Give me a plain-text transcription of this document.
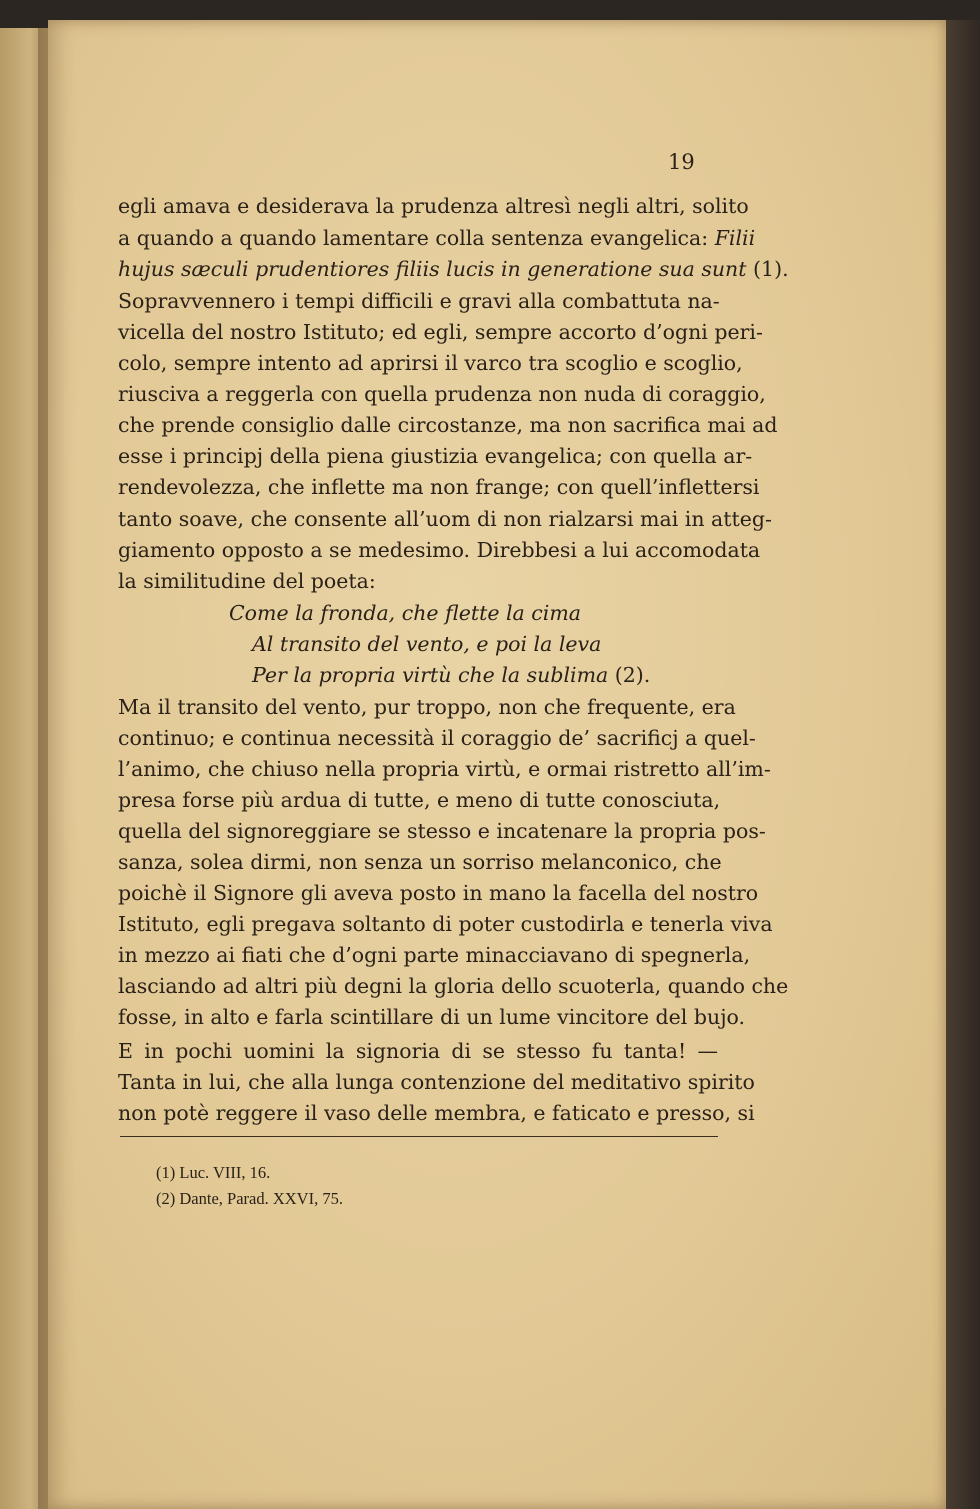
19
egli amava e desiderava la prudenza altresì negli altri, solito
a quando a quando lamentare colla sentenza evangelica: Filii
hujus sæculi prudentiores filiis lucis in generatione sua sunt (1).
Sopravvennero i tempi difficili e gravi alla combattuta na-
vicella del nostro Istituto; ed egli, sempre accorto d’ogni peri-
colo, sempre intento ad aprirsi il varco tra scoglio e scoglio,
riusciva a reggerla con quella prudenza non nuda di coraggio,
che prende consiglio dalle circostanze, ma non sacrifica mai ad
esse i principj della piena giustizia evangelica; con quella ar-
rendevolezza, che inflette ma non frange; con quell’inflettersi
tanto soave, che consente all’uom di non rialzarsi mai in atteg-
giamento opposto a se medesimo. Direbbesi a lui accomodata
la similitudine del poeta:
Come la fronda, che flette la cima
Al transito del vento, e poi la leva
Per la propria virtù che la sublima (2).
Ma il transito del vento, pur troppo, non che frequente, era
continuo; e continua necessità il coraggio de’ sacrificj a quel-
l’animo, che chiuso nella propria virtù, e ormai ristretto all’im-
presa forse più ardua di tutte, e meno di tutte conosciuta,
quella del signoreggiare se stesso e incatenare la propria pos-
sanza, solea dirmi, non senza un sorriso melanconico, che
poichè il Signore gli aveva posto in mano la facella del nostro
Istituto, egli pregava soltanto di poter custodirla e tenerla viva
in mezzo ai fiati che d’ogni parte minacciavano di spegnerla,
lasciando ad altri più degni la gloria dello scuoterla, quando che
fosse, in alto e farla scintillare di un lume vincitore del bujo.
E in pochi uomini la signoria di se stesso fu tanta! —
Tanta in lui, che alla lunga contenzione del meditativo spirito
non potè reggere il vaso delle membra, e faticato e presso, si
(1) Luc. VIII, 16.
(2) Dante, Parad. XXVI, 75.
